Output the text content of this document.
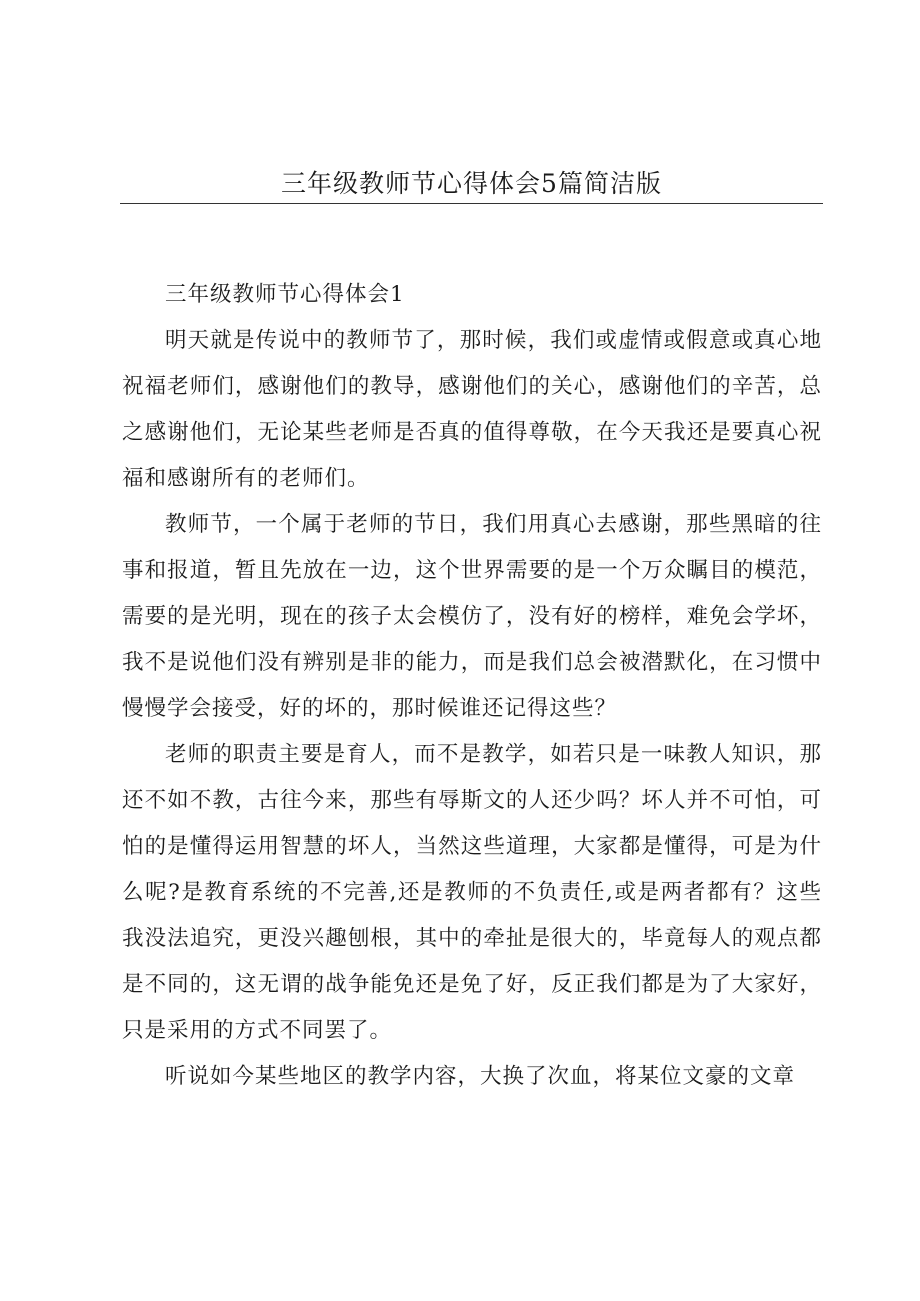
三年级教师节心得体会5篇简洁版

三年级教师节心得体会1

明天就是传说中的教师节了，那时候，我们或虚情或假意或真心地祝福老师们，感谢他们的教导，感谢他们的关心，感谢他们的辛苦，总之感谢他们，无论某些老师是否真的值得尊敬，在今天我还是要真心祝福和感谢所有的老师们。

教师节，一个属于老师的节日，我们用真心去感谢，那些黑暗的往事和报道，暂且先放在一边，这个世界需要的是一个万众瞩目的模范，需要的是光明，现在的孩子太会模仿了，没有好的榜样，难免会学坏，我不是说他们没有辨别是非的能力，而是我们总会被潜默化，在习惯中慢慢学会接受，好的坏的，那时候谁还记得这些？

老师的职责主要是育人，而不是教学，如若只是一味教人知识，那还不如不教，古往今来，那些有辱斯文的人还少吗？坏人并不可怕，可怕的是懂得运用智慧的坏人，当然这些道理，大家都是懂得，可是为什么呢?是教育系统的不完善,还是教师的不负责任,或是两者都有？这些我没法追究，更没兴趣刨根，其中的牵扯是很大的，毕竟每人的观点都是不同的，这无谓的战争能免还是免了好，反正我们都是为了大家好，只是采用的方式不同罢了。

听说如今某些地区的教学内容，大换了次血，将某位文豪的文章
